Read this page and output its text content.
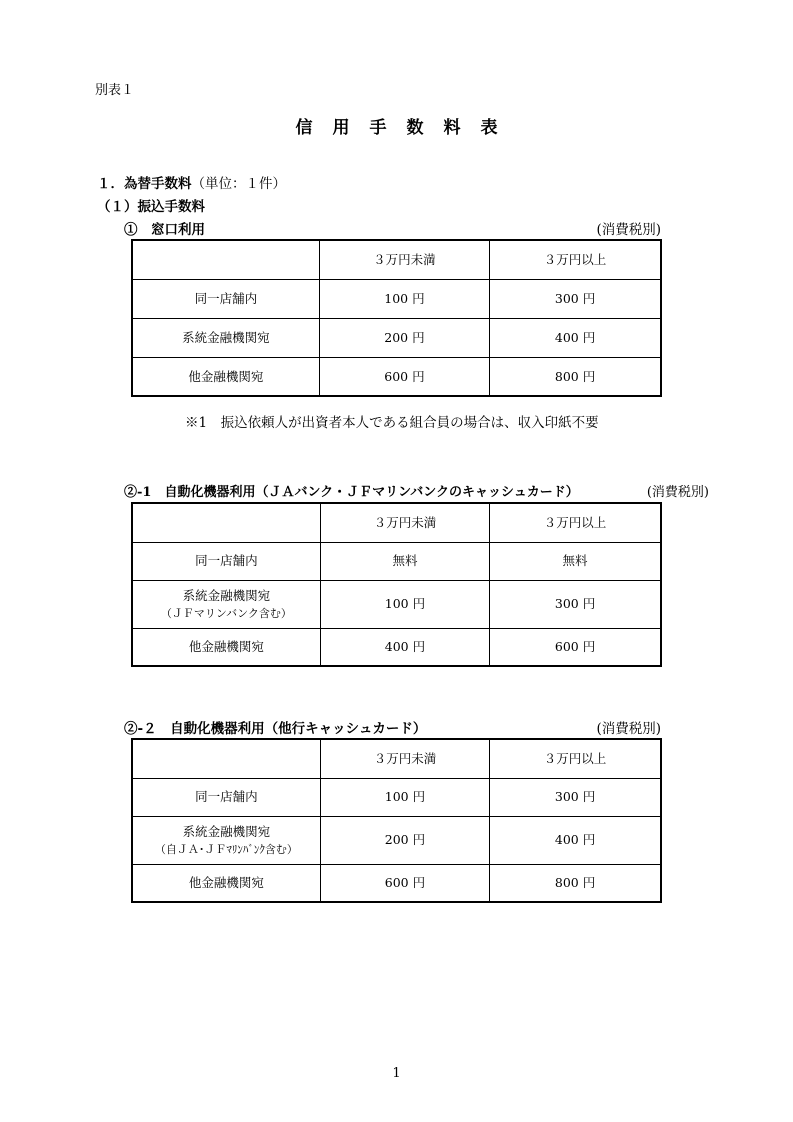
別表１
信用手数料表
１．為替手数料（単位：１件）
（１）振込手数料
①　窓口利用	(消費税別)
	３万円未満	３万円以上
同一店舗内	100 円	300 円
系統金融機関宛	200 円	400 円
他金融機関宛	600 円	800 円
※1　振込依頼人が出資者本人である組合員の場合は、収入印紙不要
②-1　自動化機器利用（ＪＡバンク・ＪＦマリンバンクのキャッシュカード）	(消費税別)
	３万円未満	３万円以上
同一店舗内	無料	無料

系統金融機関宛
（ＪＦマリンバンク含む）	100 円	300 円
他金融機関宛	400 円	600 円
②-２　自動化機器利用（他行キャッシュカード）	(消費税別)
	３万円未満	３万円以上
同一店舗内	100 円	300 円

系統金融機関宛
（自ＪＡ･ＪＦﾏﾘﾝﾊﾞﾝｸ含む）	200 円	400 円
他金融機関宛	600 円	800 円
1
